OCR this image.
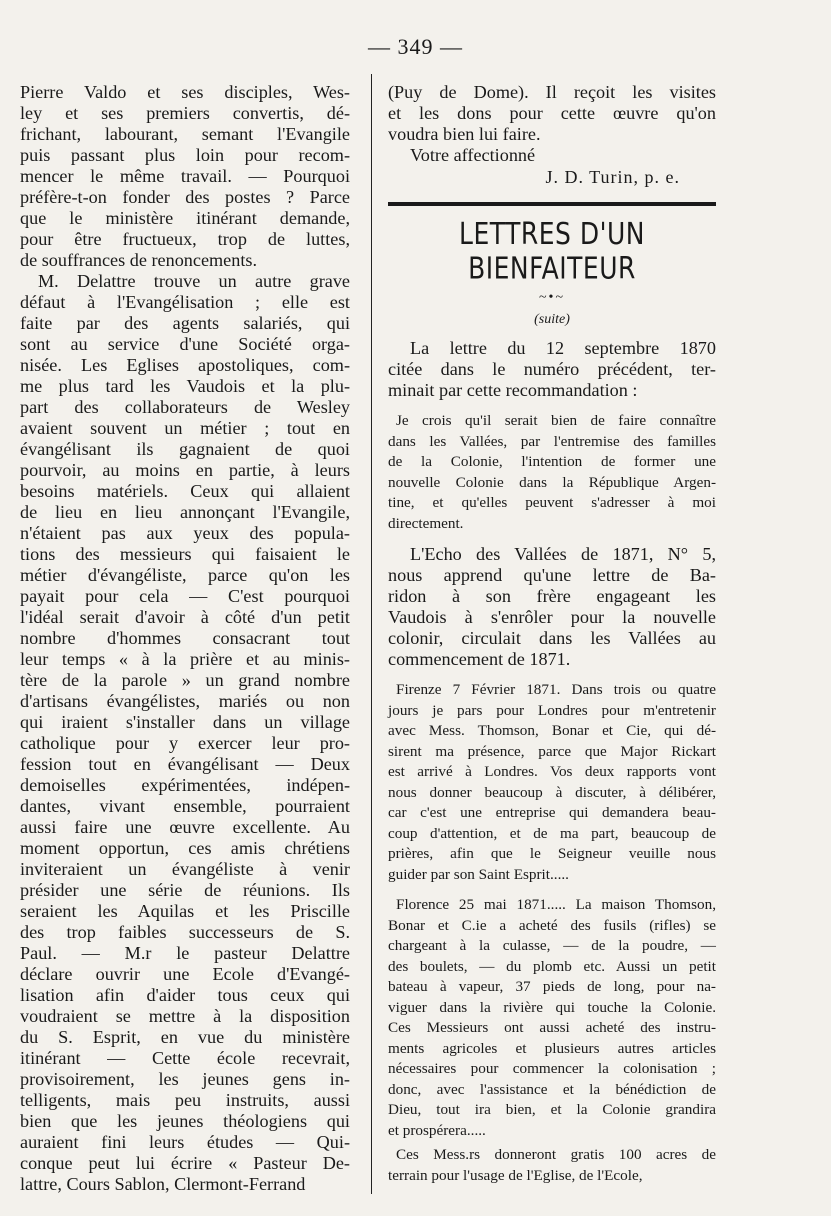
— 349 —
Pierre Valdo et ses disciples, Wes-
ley et ses premiers convertis, dé-
frichant, labourant, semant l'Evangile
puis passant plus loin pour recom-
mencer le même travail. — Pourquoi
préfère-t-on fonder des postes ? Parce
que le ministère itinérant demande,
pour être fructueux, trop de luttes,
de souffrances de renoncements.
M. Delattre trouve un autre grave
défaut à l'Evangélisation ; elle est
faite par des agents salariés, qui
sont au service d'une Société orga-
nisée. Les Eglises apostoliques, com-
me plus tard les Vaudois et la plu-
part des collaborateurs de Wesley
avaient souvent un métier ; tout en
évangélisant ils gagnaient de quoi
pourvoir, au moins en partie, à leurs
besoins matériels. Ceux qui allaient
de lieu en lieu annonçant l'Evangile,
n'étaient pas aux yeux des popula-
tions des messieurs qui faisaient le
métier d'évangéliste, parce qu'on les
payait pour cela — C'est pourquoi
l'idéal serait d'avoir à côté d'un petit
nombre d'hommes consacrant tout
leur temps « à la prière et au minis-
tère de la parole » un grand nombre
d'artisans évangélistes, mariés ou non
qui iraient s'installer dans un village
catholique pour y exercer leur pro-
fession tout en évangélisant — Deux
demoiselles expérimentées, indépen-
dantes, vivant ensemble, pourraient
aussi faire une œuvre excellente. Au
moment opportun, ces amis chrétiens
inviteraient un évangéliste à venir
présider une série de réunions. Ils
seraient les Aquilas et les Priscille
des trop faibles successeurs de S.
Paul. — M.r le pasteur Delattre
déclare ouvrir une Ecole d'Evangé-
lisation afin d'aider tous ceux qui
voudraient se mettre à la disposition
du S. Esprit, en vue du ministère
itinérant — Cette école recevrait,
provisoirement, les jeunes gens in-
telligents, mais peu instruits, aussi
bien que les jeunes théologiens qui
auraient fini leurs études — Qui-
conque peut lui écrire « Pasteur De-
lattre, Cours Sablon, Clermont-Ferrand
(Puy de Dome). Il reçoit les visites
et les dons pour cette œuvre qu'on
voudra bien lui faire.
Votre affectionné
J. D. Turin, p. e.
LETTRES D'UN BIENFAITEUR
~•~
(suite)
La lettre du 12 septembre 1870
citée dans le numéro précédent, ter-
minait par cette recommandation :
Je crois qu'il serait bien de faire connaître
dans les Vallées, par l'entremise des familles
de la Colonie, l'intention de former une
nouvelle Colonie dans la République Argen-
tine, et qu'elles peuvent s'adresser à moi
directement.
L'Echo des Vallées de 1871, N° 5,
nous apprend qu'une lettre de Ba-
ridon à son frère engageant les
Vaudois à s'enrôler pour la nouvelle
colonir, circulait dans les Vallées au
commencement de 1871.
Firenze 7 Février 1871. Dans trois ou quatre
jours je pars pour Londres pour m'entretenir
avec Mess. Thomson, Bonar et Cie, qui dé-
sirent ma présence, parce que Major Rickart
est arrivé à Londres. Vos deux rapports vont
nous donner beaucoup à discuter, à délibérer,
car c'est une entreprise qui demandera beau-
coup d'attention, et de ma part, beaucoup de
prières, afin que le Seigneur veuille nous
guider par son Saint Esprit.....
Florence 25 mai 1871..... La maison Thomson,
Bonar et C.ie a acheté des fusils (rifles) se
chargeant à la culasse, — de la poudre, —
des boulets, — du plomb etc. Aussi un petit
bateau à vapeur, 37 pieds de long, pour na-
viguer dans la rivière qui touche la Colonie.
Ces Messieurs ont aussi acheté des instru-
ments agricoles et plusieurs autres articles
nécessaires pour commencer la colonisation ;
donc, avec l'assistance et la bénédiction de
Dieu, tout ira bien, et la Colonie grandira
et prospérera.....
Ces Mess.rs donneront gratis 100 acres de
terrain pour l'usage de l'Eglise, de l'Ecole,
